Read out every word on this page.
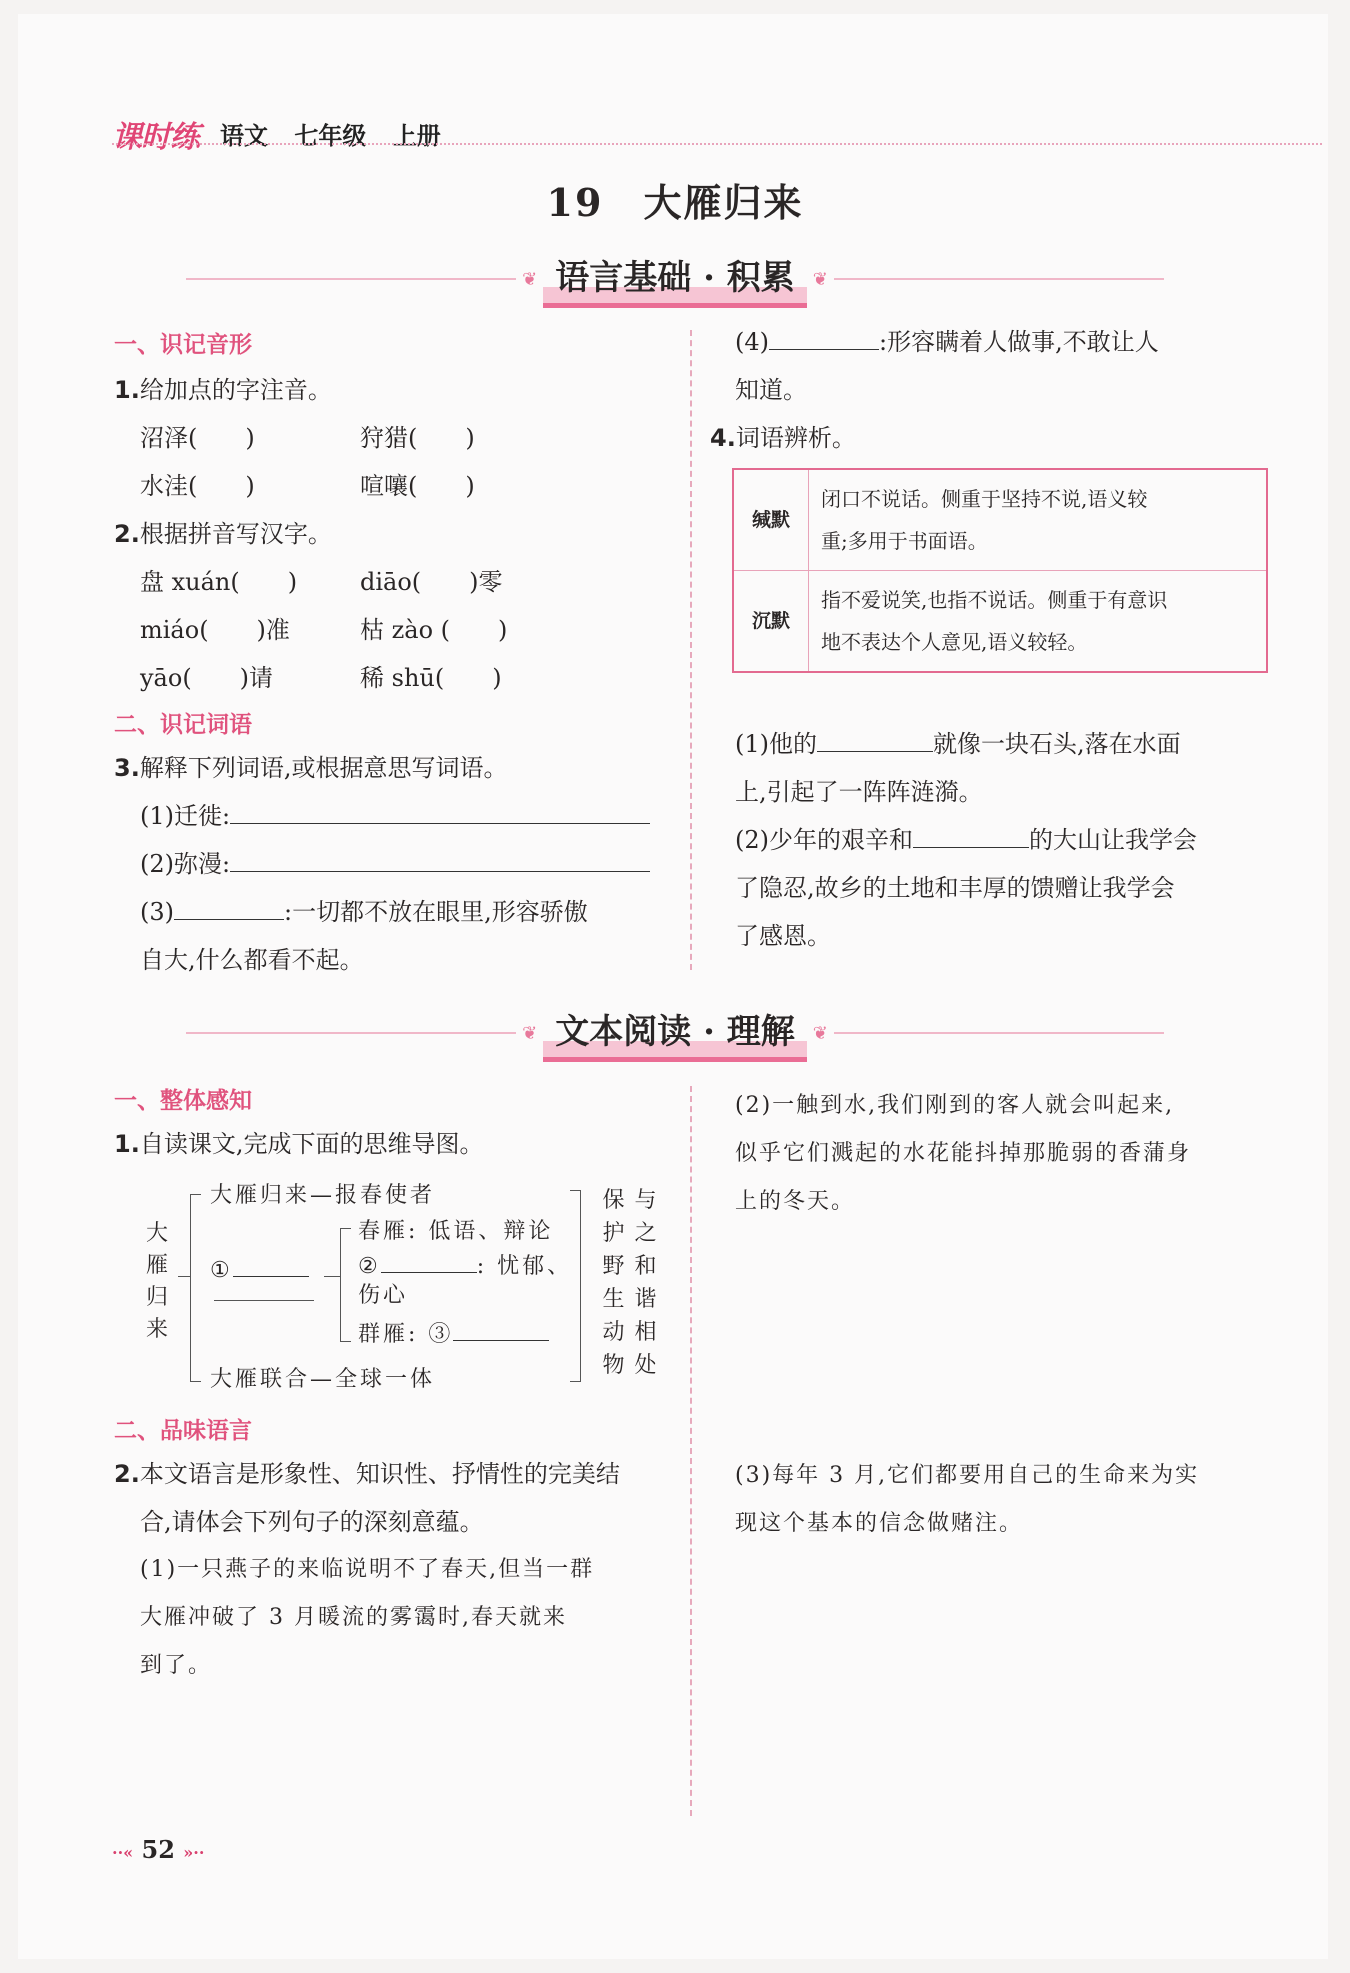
课时练 语文 七年级 上册
19 大雁归来
❦ 语言基础 · 积累 ❦
一、识记音形
1.给加点的字注音。
沼 ·泽(　　)	狩猎 ·(　　)
水洼 ·(　　)	喧嚷 ·(　　)
2.根据拼音写汉字。
盘 xuán(　　)	diāo(　　)零
miáo(　　)准	枯 zào (　　)
yāo(　　)请	稀 shū(　　)
二、识记词语
3.解释下列词语,或根据意思写词语。
(1)迁徙:
(2)弥漫:
(3)	:一切都不放在眼里,形容骄傲
自大,什么都看不起。
(4)	:形容瞒着人做事,不敢让人
知道。
4.词语辨析。
缄默	闭口不说话。侧重于坚持不说,语义较
重;多用于书面语。

沉默	指不爱说笑,也指不说话。侧重于有意识
地不表达个人意见,语义较轻。
(1)他的	就像一块石头,落在水面
上,引起了一阵阵涟漪。
(2)少年的艰辛和	的大山让我学会
了隐忍,故乡的土地和丰厚的馈赠让我学会
了感恩。
❦ 文本阅读 · 理解 ❦
一、整体感知
1.自读课文,完成下面的思维导图。
大
雁
归
来
大雁归来—报春使者
①
春雁: 低语、辩论
②	: 忧郁、
伤心
群雁: ③
大雁联合—全球一体
保
护
野
生
动
物
与
之
和
谐
相
处
二、品味语言
2.本文语言是形象性、知识性、抒情性的完美结
合,请体会下列句子的深刻意蕴。
(1)一只燕子的来临说明不了春天,但当一群
大雁冲破了 3 月暖流的雾霭时,春天就来
到了。
(2)一触到水,我们刚到的客人就会叫起来,
似乎它们溅起的水花能抖掉那脆弱的香蒲身
上的冬天。
(3)每年 3 月,它们都要用自己的生命来为实
现这个基本的信念做赌注。
··« 52 »··
